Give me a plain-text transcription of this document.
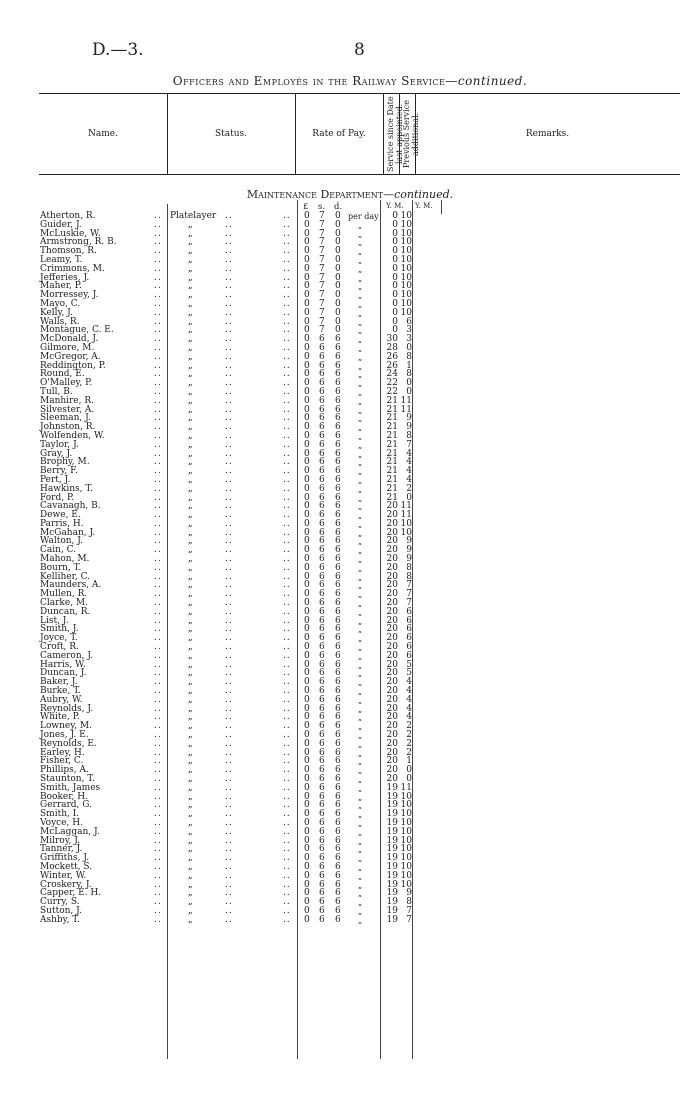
D.—3.	8
Officers and Employés in the Railway Service—continued.
Name.	Status.	Rate of Pay.	Service since Date last appointed.
Previous Service additional.	Remarks.
Maintenance Department—continued.
£ s. d.	Y. M. Y. M.
Atherton, R.	.. Platelayer ..	.. 0 7 0 per day	0 10
Guider, J.	..	„	..	.. 0 7 0 „	0 10
McLuskie, W.	..	„	..	.. 0 7 0 „	0 10
Armstrong, R. B.	..	„	..	.. 0 7 0 „	0 10
Thomson, R.	..	„	..	.. 0 7 0 „	0 10
Leamy, T.	..	„	..	.. 0 7 0 „	0 10
Crimmons, M.	..	„	..	.. 0 7 0 „	0 10
Jefferies, J.	..	„	..	.. 0 7 0 „	0 10
Maher, P.	..	„	..	.. 0 7 0 „	0 10
Morressey, J.	..	„	..	.. 0 7 0 „	0 10
Mayo, C.	..	„	..	.. 0 7 0 „	0 10
Kelly, J.	..	„	..	.. 0 7 0 „	0 10
Walls, R.	..	„	..	.. 0 7 0 „	0 6
Montague, C. E.	..	„	..	.. 0 7 0 „	0 3
McDonald, J.	..	„	..	.. 0 6 6 „	30 3
Gilmore, M.	..	„	..	.. 0 6 6 „	28 0
McGregor, A.	..	„	..	.. 0 6 6 „	26 8
Reddington, P.	..	„	..	.. 0 6 6 „	26 1
Round, E.	..	„	..	.. 0 6 6 „	24 8
O'Malley, P.	..	„	..	.. 0 6 6 „	22 0
Tull, B.	..	„	..	.. 0 6 6 „	22 0
Manhire, R.	..	„	..	.. 0 6 6 „	21 11
Silvester, A.	..	„	..	.. 0 6 6 „	21 11
Sleeman, J.	..	„	..	.. 0 6 6 „	21 9
Johnston, R.	..	„	..	.. 0 6 6 „	21 9
Wolfenden, W.	..	„	..	.. 0 6 6 „	21 8
Taylor, J.	..	„	..	.. 0 6 6 „	21 7
Gray, J.	..	„	..	.. 0 6 6 „	21 4
Brophy, M.	..	„	..	.. 0 6 6 „	21 4
Berry, F.	..	„	..	.. 0 6 6 „	21 4
Pert, J.	..	„	..	.. 0 6 6 „	21 4
Hawkins, T.	..	„	..	.. 0 6 6 „	21 2
Ford, P.	..	„	..	.. 0 6 6 „	21 0
Cavanagh, B.	..	„	..	.. 0 6 6 „	20 11
Dewe, E.	..	„	..	.. 0 6 6 „	20 11
Parris, H.	..	„	..	.. 0 6 6 „	20 10
McGahan, J.	..	„	..	.. 0 6 6 „	20 10
Walton, J.	..	„	..	.. 0 6 6 „	20 9
Cain, C.	..	„	..	.. 0 6 6 „	20 9
Mahon, M.	..	„	..	.. 0 6 6 „	20 9
Bourn, T.	..	„	..	.. 0 6 6 „	20 8
Kelliher, C.	..	„	..	.. 0 6 6 „	20 8
Maunders, A.	..	„	..	.. 0 6 6 „	20 7
Mullen, R.	..	„	..	.. 0 6 6 „	20 7
Clarke, M.	..	„	..	.. 0 6 6 „	20 7
Duncan, R.	..	„	..	.. 0 6 6 „	20 6
List, J.	..	„	..	.. 0 6 6 „	20 6
Smith, J.	..	„	..	.. 0 6 6 „	20 6
Joyce, T.	..	„	..	.. 0 6 6 „	20 6
Croft, R.	..	„	..	.. 0 6 6 „	20 6
Cameron, J.	..	„	..	.. 0 6 6 „	20 6
Harris, W.	..	„	..	.. 0 6 6 „	20 5
Duncan, J.	..	„	..	.. 0 6 6 „	20 5
Baker, J.	..	„	..	.. 0 6 6 „	20 4
Burke, T.	..	„	..	.. 0 6 6 „	20 4
Aubry, W.	..	„	..	.. 0 6 6 „	20 4
Reynolds, J.	..	„	..	.. 0 6 6 „	20 4
White, P.	..	„	..	.. 0 6 6 „	20 4
Lowney, M.	..	„	..	.. 0 6 6 „	20 2
Jones, J. E.	..	„	..	.. 0 6 6 „	20 2
Reynolds, E.	..	„	..	.. 0 6 6 „	20 2
Earley, H.	..	„	..	.. 0 6 6 „	20 2
Fisher, C.	..	„	..	.. 0 6 6 „	20 1
Phillips, A.	..	„	..	.. 0 6 6 „	20 0
Staunton, T.	..	„	..	.. 0 6 6 „	20 0
Smith, James	..	„	..	.. 0 6 6 „	19 11
Booker, H.	..	„	..	.. 0 6 6 „	19 10
Gerrard, G.	..	„	..	.. 0 6 6 „	19 10
Smith, I.	..	„	..	.. 0 6 6 „	19 10
Voyce, H.	..	„	..	.. 0 6 6 „	19 10
McLaggan, J.	..	„	..	.. 0 6 6 „	19 10
Milroy, J.	..	„	..	.. 0 6 6 „	19 10
Tanner, J.	..	„	..	.. 0 6 6 „	19 10
Griffiths, J.	..	„	..	.. 0 6 6 „	19 10
Mockett, S.	..	„	..	.. 0 6 6 „	19 10
Winter, W.	..	„	..	.. 0 6 6 „	19 10
Croskery, J.	..	„	..	.. 0 6 6 „	19 10
Capper, E. H.	..	„	..	.. 0 6 6 „	19 9
Curry, S.	..	„	..	.. 0 6 6 „	19 8
Sutton, J.	..	„	..	.. 0 6 6 „	19 7
Ashby, T.	..	„	..	.. 0 6 6 „	19 7
